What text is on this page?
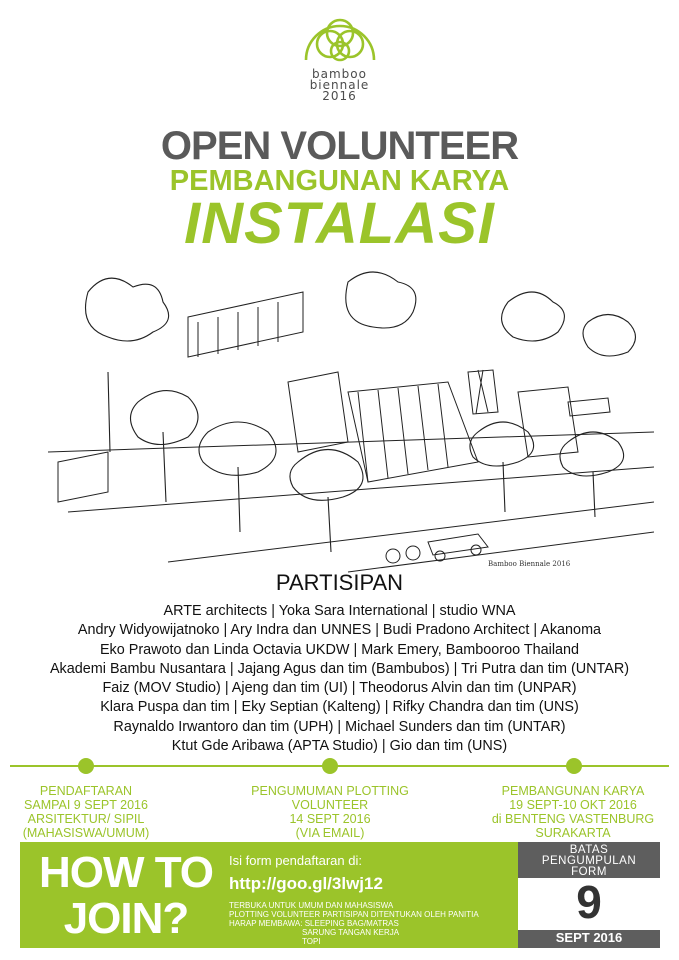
bamboo
biennale
2016
OPEN VOLUNTEER
PEMBANGUNAN KARYA
INSTALASI
Bamboo Biennale 2016
PARTISIPAN
ARTE architects | Yoka Sara International | studio WNA
Andry Widyowijatnoko | Ary Indra dan UNNES | Budi Pradono Architect | Akanoma
Eko Prawoto dan Linda Octavia UKDW | Mark Emery, Bambooroo Thailand
Akademi Bambu Nusantara | Jajang Agus dan tim (Bambubos) | Tri Putra dan tim (UNTAR)
Faiz (MOV Studio) | Ajeng dan tim (UI) | Theodorus Alvin dan tim (UNPAR)
Klara Puspa dan tim | Eky Septian (Kalteng) | Rifky Chandra dan tim (UNS)
Raynaldo Irwantoro dan tim (UPH) | Michael Sunders dan tim (UNTAR)
Ktut Gde Aribawa (APTA Studio) | Gio dan tim (UNS)
PENDAFTARAN
SAMPAI 9 SEPT 2016
ARSITEKTUR/ SIPIL
(MAHASISWA/UMUM)
PENGUMUMAN PLOTTING
VOLUNTEER
14 SEPT 2016
(VIA EMAIL)
PEMBANGUNAN KARYA
19 SEPT-10 OKT 2016
di BENTENG VASTENBURG
SURAKARTA
HOW TO
JOIN?
Isi form pendaftaran di:
http://goo.gl/3lwj12
TERBUKA UNTUK UMUM DAN MAHASISWA
PLOTTING VOLUNTEER PARTISIPAN DITENTUKAN OLEH PANITIA
HARAP MEMBAWA: SLEEPING BAG/MATRAS
SARUNG TANGAN KERJA
TOPI
BATAS
PENGUMPULAN
FORM
9
SEPT 2016
